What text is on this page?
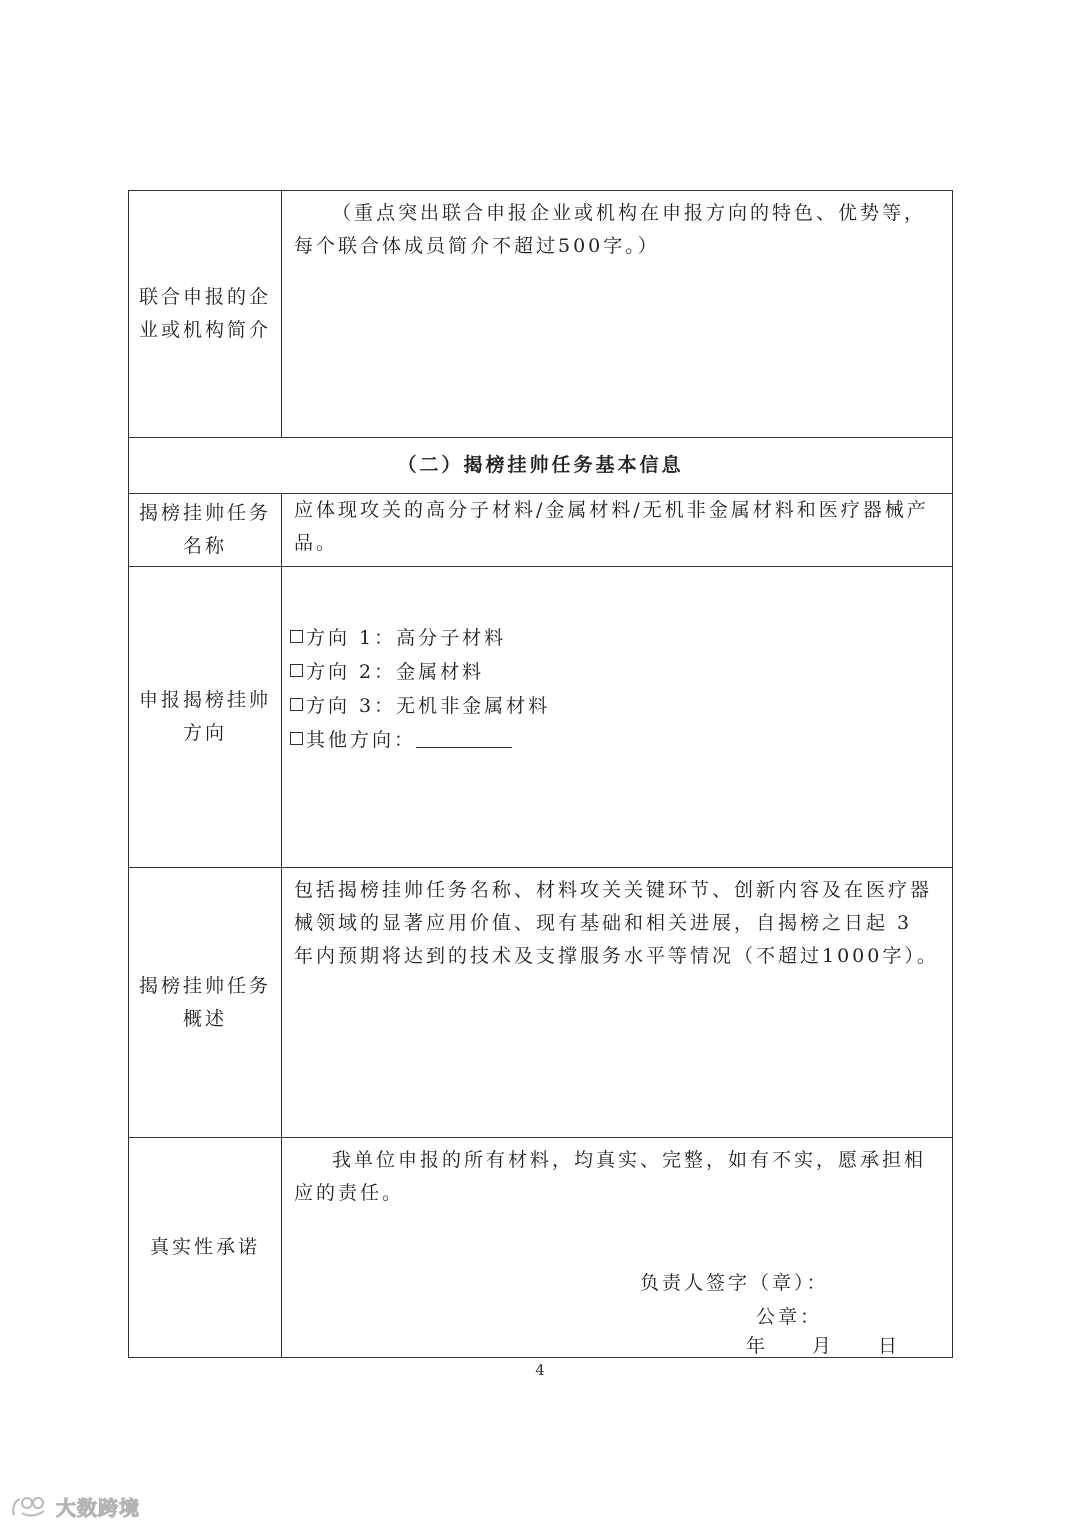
联合申报的企
业或机构简介	（重点突出联合申报企业或机构在申报方向的特色、优势等，每个联合体成员简介不超过500字。）

（二）揭榜挂帅任务基本信息	

揭榜挂帅任务
名称	应体现攻关的高分子材料/金属材料/无机非金属材料和医疗器械产品。

申报揭榜挂帅
方向	方向 1：高分子材料
方向 2：金属材料
方向 3：无机非金属材料
其他方向：

揭榜挂帅任务
概述	包括揭榜挂帅任务名称、材料攻关关键环节、创新内容及在医疗器械领域的显著应用价值、现有基础和相关进展，自揭榜之日起 3 年内预期将达到的技术及支撑服务水平等情况（不超过1000字）。

真实性承诺	我单位申报的所有材料，均真实、完整，如有不实，愿承担相应的责任。
负责人签字（章）：
公章：
年　　月　　日
4
大数跨境
